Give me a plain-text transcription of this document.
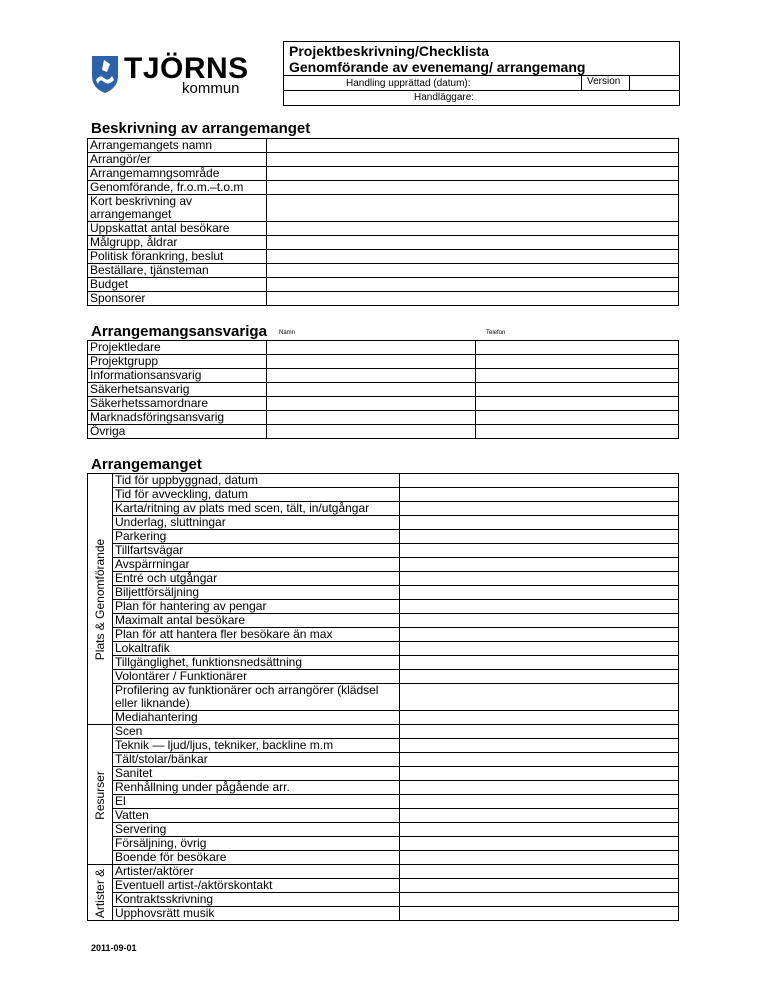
TJÖRNS
kommun
Projektbeskrivning/Checklista
Genomförande av evenemang/ arrangemang
Handling upprättad (datum):	Version
Handläggare:
Beskrivning av arrangemanget
Arrangemangets namn	
Arrangör/er	
Arrangemamngsområde	
Genomförande, fr.o.m.–t.o.m	
Kort beskrivning av arrangemanget	
Uppskattat antal besökare	
Målgrupp, åldrar	
Politisk förankring, beslut	
Beställare, tjänsteman	
Budget	
Sponsorer	
Arrangemangsansvariga Namn	Telefon
Projektledare		
Projektgrupp		
Informationsansvarig		
Säkerhetsansvarig		
Säkerhetssamordnare		
Marknadsföringsansvarig		
Övriga		
Arrangemanget
Plats & Genomförande	Tid för uppbyggnad, datum	
	Tid för avveckling, datum	
	Karta/ritning av plats med scen, tält, in/utgångar	
	Underlag, sluttningar	
	Parkering	
	Tillfartsvägar	
	Avspärrningar	
	Entré och utgångar	
	Biljettförsäljning	
	Plan för hantering av pengar	
	Maximalt antal besökare	
	Plan för att hantera fler besökare än max	
	Lokaltrafik	
	Tillgänglighet, funktionsnedsättning	
	Volontärer / Funktionärer	
	Profilering av funktionärer och arrangörer (klädsel eller liknande)	
	Mediahantering	

Resurser	Scen	
	Teknik — ljud/ljus, tekniker, backline m.m	
	Tält/stolar/bänkar	
	Sanitet	
	Renhållning under pågående arr.	
	El	
	Vatten	
	Servering	
	Försäljning, övrig	
	Boende för besökare	

Artister &	Artister/aktörer	
	Eventuell artist-/aktörskontakt	
	Kontraktsskrivning	
	Upphovsrätt musik	
2011-09-01
